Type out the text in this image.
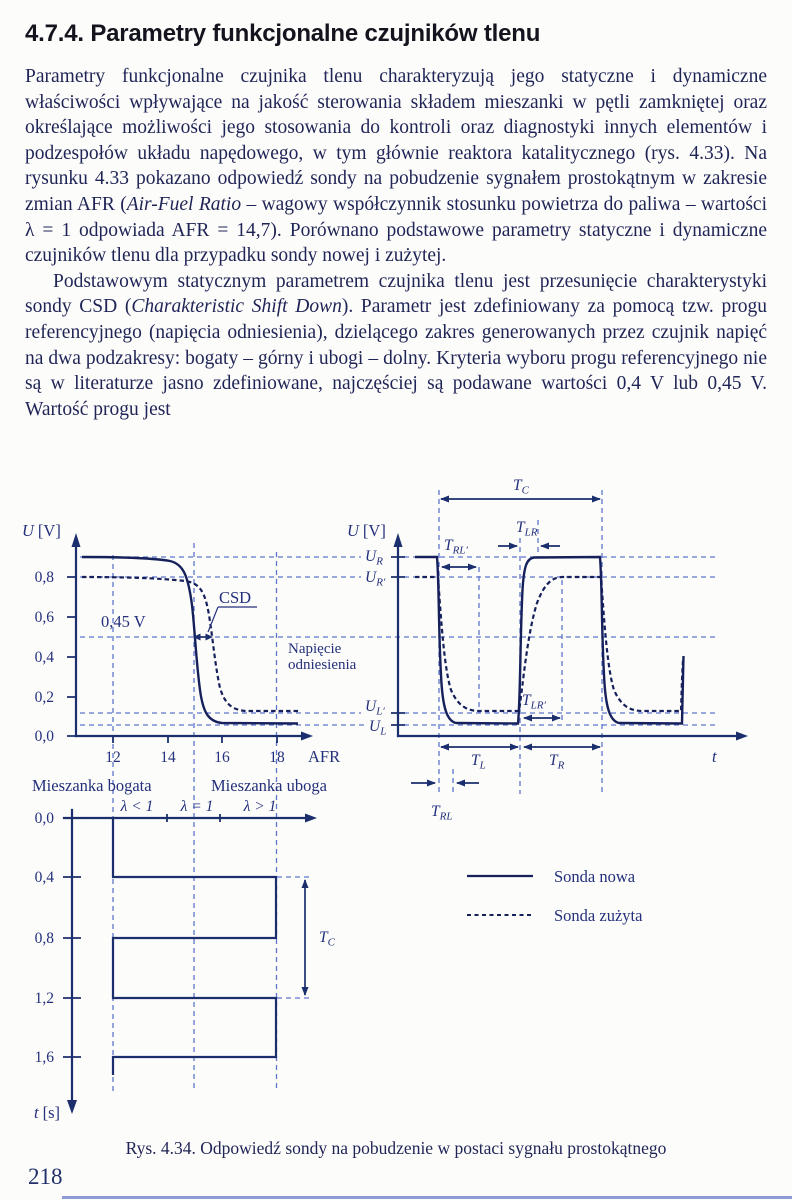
4.7.4. Parametry funkcjonalne czujników tlenu

Parametry funkcjonalne czujnika tlenu charakteryzują jego statyczne i dynamiczne właściwości wpływające na jakość sterowania składem mieszanki w pętli zamkniętej oraz określające możliwości jego stosowania do kontroli oraz diagnostyki innych elementów i podzespołów układu napędowego, w tym głównie reaktora katalitycznego (rys. 4.33). Na rysunku 4.33 pokazano odpowiedź sondy na pobudzenie sygnałem prostokątnym w zakresie zmian AFR (Air-Fuel Ratio – wagowy współczynnik stosunku powietrza do paliwa – wartości λ = 1 odpowiada AFR = 14,7). Porównano podstawowe parametry statyczne i dynamiczne czujników tlenu dla przypadku sondy nowej i zużytej.

Podstawowym statycznym parametrem czujnika tlenu jest przesunięcie charakterystyki sondy CSD (Charakteristic Shift Down). Parametr jest zdefiniowany za pomocą tzw. progu referencyjnego (napięcia odniesienia), dzielącego zakres generowanych przez czujnik napięć na dwa podzakresy: bogaty – górny i ubogi – dolny. Kryteria wyboru progu referencyjnego nie są w literaturze jasno zdefiniowane, najczęściej są podawane wartości 0,4 V lub 0,45 V. Wartość progu jest

CSD
0,45 V
Napięcie
odniesienia
U [V]
0,8
0,6
0,4
0,2
0,0
12	14 16	18 AFR
Mieszanka bogata	Mieszanka uboga
$U_R$
$U_{R'}$
$U_{L'}$
$U_L$
$T_C$
$T_{RL'}$
$T_{LR}$
$T_{LR'}$
$T_L$	$T_R$
$T_{RL}$
U [V]
t
$T_C$
λ < 1 λ = 1 λ > 1
0,0
0,4
0,8
1,2
1,6
t [s]
Sonda nowa
Sonda zużyta
Rys. 4.34. Odpowiedź sondy na pobudzenie w postaci sygnału prostokątnego
218
